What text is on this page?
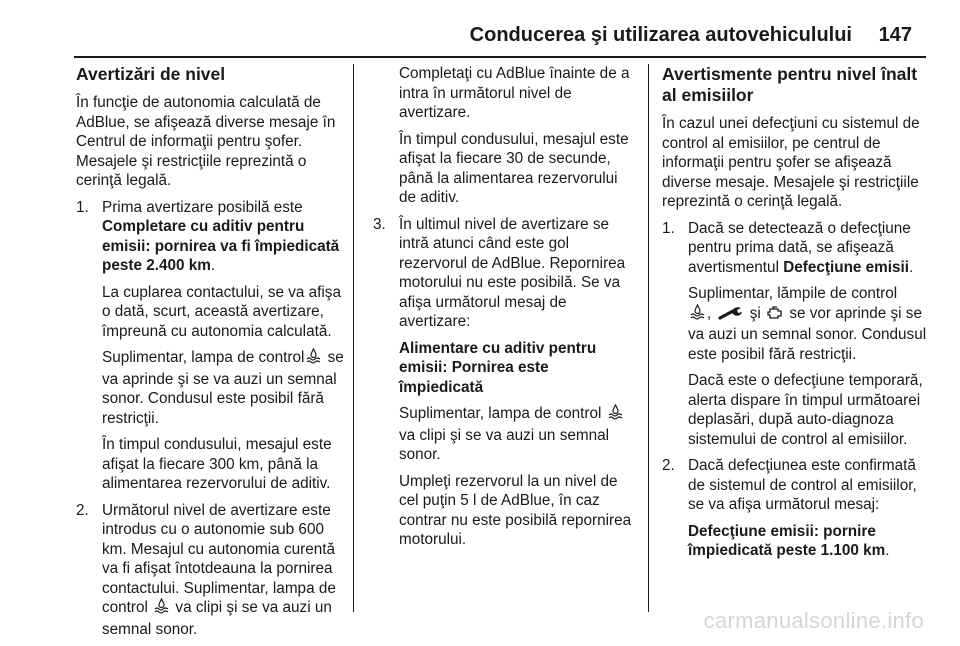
Conducerea şi utilizarea autovehiculului 147
Avertizări de nivel

În funcţie de autonomia calculată de AdBlue, se afişează diverse mesaje în Centrul de informaţii pentru şofer. Mesajele şi restricţiile reprezintă o cerinţă legală.

1. Prima avertizare posibilă este Completare cu aditiv pentru emisii: pornirea va fi împiedicată peste 2.400 km.

La cuplarea contactului, se va afişa o dată, scurt, această avertizare, împreună cu autonomia calculată.

Suplimentar, lampa de control se va aprinde şi se va auzi un semnal sonor. Condusul este posibil fără restricţii.

În timpul condusului, mesajul este afişat la fiecare 300 km, până la alimentarea rezervorului de aditiv.

2. Următorul nivel de avertizare este introdus cu o autonomie sub 600 km. Mesajul cu autonomia curentă va fi afişat întotdeauna la pornirea contactului. Suplimentar, lampa de control va clipi şi se va auzi un semnal sonor.

Completaţi cu AdBlue înainte de a intra în următorul nivel de avertizare.

În timpul condusului, mesajul este afişat la fiecare 30 de secunde, până la alimentarea rezervorului de aditiv.

3. În ultimul nivel de avertizare se intră atunci când este gol rezervorul de AdBlue. Repornirea motorului nu este posibilă. Se va afişa următorul mesaj de avertizare:

Alimentare cu aditiv pentru emisii: Pornirea este împiedicată

Suplimentar, lampa de control  va clipi şi se va auzi un semnal sonor.

Umpleţi rezervorul la un nivel de cel puţin 5 l de AdBlue, în caz contrar nu este posibilă repornirea motorului.

Avertismente pentru nivel înalt al emisiilor

În cazul unei defecţiuni cu sistemul de control al emisiilor, pe centrul de informaţii pentru şofer se afişează diverse mesaje. Mesajele şi restricţiile reprezintă o cerinţă legală.

1. Dacă se detectează o defecţiune pentru prima dată, se afişează avertismentul Defecţiune emisii.

Suplimentar, lămpile de control
,	şi se vor aprinde şi se va auzi un semnal sonor. Condusul este posibil fără restricţii.

Dacă este o defecţiune temporară, alerta dispare în timpul următoarei deplasări, după auto-diagnoza sistemului de control al emisiilor.

2. Dacă defecţiunea este confirmată de sistemul de control al emisiilor, se va afişa următorul mesaj:

Defecţiune emisii: pornire împiedicată peste 1.100 km.

carmanualsonline.info
